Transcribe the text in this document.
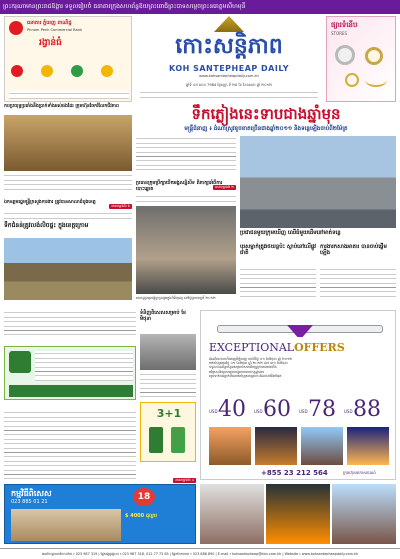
ព្រះករុណាមាន​ព្រះរាជឱង្ការ ទទួលរៀបចំ ​ធនាគារ​ក្រុងសហព័ន្ធឱយ​ព្រះ​ពោធិ​ព្រះ​បាទ​សម្ដេច​ព្រះ​នរោត្តម​សីហមុនី
ធនាគារ ភ្នំពេញ ពាណិជ្ជ
Phnom Penh Commercial Bank
រង្វាន់ធំ	កោះសន្តិភាព
KOH SANTEPHEAP DAILY
www.kohsantepheapdaily.com.kh
ឆ្នាំទី ៤៥ លេខ 7984 ថ្ងៃសុក្រ ទី ២៥ ខែ ខែឧសភា ឆ្នាំ ២០១២
ផ្សារទំនើប
STORES
ទឹកភ្លៀងនេះទាបជាងឆ្នាំមុន
មន្ត្រីជំនាញ ៖ ដំណាំស្រូវខូចខាតច្រើនជាងឆ្នាំ២០១១ និងទន្លេឡើងចាប់ពី២ម៉ែត្រ
ការប្រយុទ្ធប្រឆាំងនឹងប្រាក់ទាំងអស់ផងដែរ ក្រុមហ៊ុនចែករំលែកជីវភាព
អានបន្តទំព័រ ៦
ឯកឧត្តមរដ្ឋមន្ត្រីក្រសួងការងារ ត្រូវបានសាលាដំបូងខេត្ត
ទឹកជំនន់ត្រូវលង់លិចផ្ទះ ក្នុងខេត្តក្រោម
អានបន្តទំព័រ ២
ប្រធានក្រុមប្រឹក្សាបើកអង្គសន្និសីទ ពិភាក្សាអំពីការបោះឆ្នោត
ពលរដ្ឋប្រមូលផ្ដុំគ្នាចូលរួមក្នុងពិធីបុណ្យ នៅថ្ងៃព្រហស្បតិ៍ ២០១២
ប្រជាជនមួយក្រុមឃើញ ឈើធំមួយដើមនៅមាត់ទន្លេ
បុរសម្នាក់ត្រូវរថយន្ដប៉ះ ស្លាប់នៅលើផ្លូវជាតិ
ការងារកសាងអាគារ បានចាប់ផ្ដើមឡើង
ទំនិញពិសេសសម្រាប់ ខែមិថុនា
3+1
អានបន្តទំព័រ ៤
EXCEPTIONALOFFERS
ដំណើរហោះហើរចេញពីភ្នំពេញ ចាប់ពីថ្ងៃ ០១ ខែមិថុនា ឆ្នាំ ២០១២
កក់សំបុត្រមុនថ្ងៃ ០១ ខែមិថុនា ឆ្នាំ ២០១២ ដល់ ៣១ ខែមិថុនា
ទទួលបានពិន្ទុបន្ថែមសម្រាប់សមាជិកប្រូក្រាមរបស់យើង
តម្លៃនេះមិនរួមបញ្ចូលពន្ធអាកាសយាន្តដ្ឋានទេ
សូមទាក់ទងភ្នាក់ងារលក់សំបុត្រយន្តហោះដែលនៅជិតបំផុត
USD 40 USD 60 USD 78 USD 88
+855 23 212 564	ក្រុមហ៊ុនអាកាសចរណ៍
កម្មវិធីពិសេស
023 885 01 21	18
$ 4000 ដុល្លារ
អាស័យដ្ឋានការិយាល័យ ៖ 023 987 319 | ផ្នែកផ្សព្វផ្សាយ ៖ 023 987 318, 012 77 73 65 | ផ្នែកចែកចាយ ៖ 023 886 890 | E-mail ៖ kohsantepheap@kbn.com.kh | Website ៖ www.kohsantepheapdaily.com.kh
